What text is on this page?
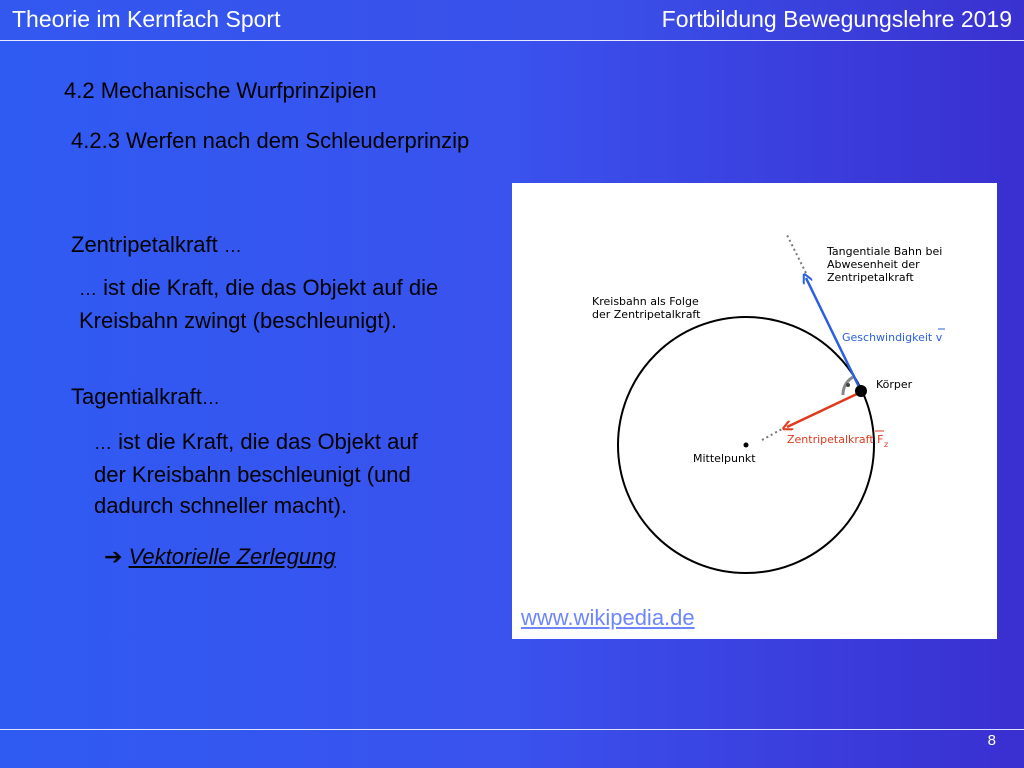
Theorie im Kernfach Sport	Fortbildung Bewegungslehre 2019
4.2 Mechanische Wurfprinzipien
4.2.3 Werfen nach dem Schleuderprinzip
Zentripetalkraft …
… ist die Kraft, die das Objekt auf die
Kreisbahn zwingt (beschleunigt).
Tagentialkraft…
… ist die Kraft, die das Objekt auf
der Kreisbahn beschleunigt (und
dadurch schneller macht).
➔ Vektorielle Zerlegung
Tangentiale Bahn bei Abwesenheit der Zentripetalkraft
Kreisbahn als Folge der Zentripetalkraft
Geschwindigkeit v
Körper
Zentripetalkraft F z
Mittelpunkt
www.wikipedia.de
8
